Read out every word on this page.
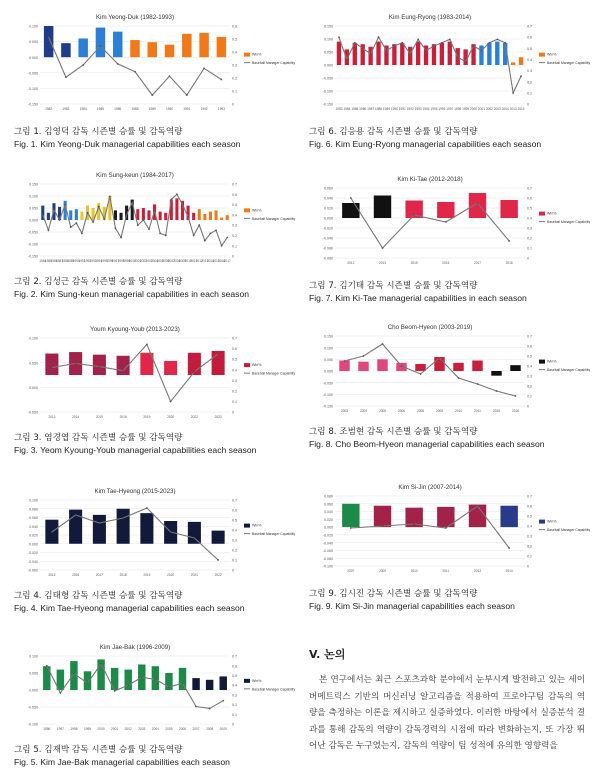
Kim Yeong-Duk (1982-1993)
0.100
0.050
0.000
-0.050
-0.100
-0.150
0.6
0.5
0.4
0.3
0.2
0.1
0
1982	1983	1984	1985	1986	1988	1989	1990	1991	1992	1993
Win%
Baseball Manager Capability
그림 1. 김영덕 감독 시즌별 승률 및 감독역량
Fig. 1. Kim Yeong-Duk managerial capabilities each season
Kim Sung-keun (1984-2017)
0.150
0.100
0.050
0.000
-0.050
-0.100
-0.150
0.7
0.6
0.5
0.4
0.3
0.2
0.1
0
1984
1985
1986
1987
1988
1989
1990
1991
1992
1993
1994
1995
1996
1997
1998
1999
2000
2001
2002
2003
2004
2005
2006
2007
2008
2009
2010
2011
2012
2013
2014
2015
2016
2017
Win%
Baseball Manager Capability
그림 2. 김성근 감독 시즌별 승률 및 감독역량
Fig. 2. Kim Sung-keun managerial capabilities in each season
Youm Kyoung-Youb (2013-2023)
0.100
0.050
0.000
-0.050
0.7
0.6
0.5
0.4
0.3
0.2
0.1
0
2013	2014	2015	2016	2019	2020	2022	2023
Win%
Baseball Manager Capability
그림 3. 염경엽 감독 시즌별 승률 및 감독역량
Fig. 3. Yeom Kyoung-Youb managerial capabilities each season
Kim Tae-Hyeong (2015-2023)
0.100
0.080
0.060
0.040
0.020
0.000
-0.020
-0.040
-0.060
0.7
0.6
0.5
0.4
0.3
0.2
0.1
0
2015	2016	2017	2018	2019	2020	2021	2022
Win%
Baseball Manager Capability
그림 4. 김태형 감독 시즌별 승률 및 감독역량
Fig. 4. Kim Tae-Hyeong managerial capabilities each season
Kim Jae-Bak (1996-2009)
0.100
0.050
0.000
-0.050
-0.100
0.7
0.6
0.5
0.4
0.3
0.2
0.1
0
1996 1997 1998 1999 2000 2001 2002 2003 2004 2005 2006 2007 2008 2009
Win%
Baseball Manager Capability
그림 5. 김재박 감독 시즌별 승률 및 감독역량
Fig. 5. Kim Jae-Bak managerial capabilities each season
Kim Eung-Ryong (1983-2014)
0.150
0.100
0.050
0.000
-0.050
-0.100
-0.150
0.7
0.6
0.5
0.4
0.3
0.2
0.1
0
1983 1984 1985 1986 1987 1988 1989 1990 1991 1992 1993 1994 1995 1996 1997 1998 1999 2000 2001 2002 2003 2004 2013 2014
Win%
Baseball Manager Capability
그림 6. 김응용 감독 시즌별 승률 및 감독역량
Fig. 6. Kim Eung-Ryong managerial capabilities each season
Kim Ki-Tae (2012-2018)
0.060
0.040
0.020
0.000
-0.020
-0.040
-0.060
-0.080
0.7
0.6
0.5
0.4
0.3
0.2
0.1
0
2012	2013	2015	2016	2017	2018
Win%
Baseball Manager Capability
그림 7. 김기태 감독 시즌별 승률 및 감독역량
Fig. 7. Kim Ki-Tae managerial capabilities in each season
Cho Beom-Hyeon (2003-2019)
0.150
0.100
0.050
0.000
-0.050
-0.100
-0.150
0.7
0.6
0.5
0.4
0.3
0.2
0.1
0
2003	2004	2005	2006	2008	2009	2010	2011	2015	2016
Win%
Baseball Manager Capability
그림 8. 조범현 감독 시즌별 승률 및 감독역량
Fig. 8. Cho Beom-Hyeon managerial capabilities each season
Kim Si-Jin (2007-2014)
0.080
0.060
0.040
0.020
0.000
-0.020
-0.040
-0.060
-0.080
-0.100
0.7
0.6
0.5
0.4
0.3
0.2
0.1
0
2007	2009	2010	2011	2013	2014
Win%
Baseball Manager Capability
그림 9. 김시진 감독 시즌별 승률 및 감독역량
Fig. 9. Kim Si-Jin managerial capabilities each season
V. 논의

본 연구에서는 최근 스포츠과학 분야에서 눈부시게 발전하고 있는 세이버메트릭스 기반의 머신러닝 알고리즘을 적용하여 프로야구팀 감독의 역량을 측정하는 이론을 제시하고 실증하였다. 이러한 바탕에서 실증분석 결과를 통해 감독의 역량이 감독경력의 시점에 따라 변화하는지, 또 가장 뛰어난 감독은 누구였는지, 감독의 역량이 팀 성적에 유의한 영향력을
